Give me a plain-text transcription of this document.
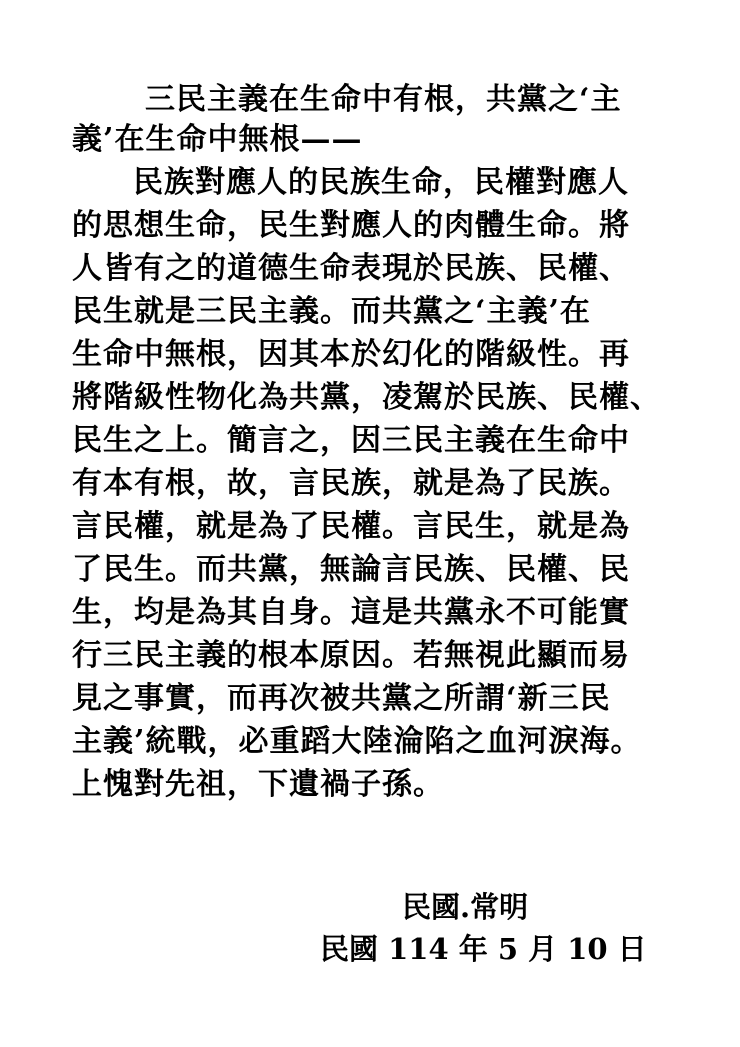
三民主義在生命中有根，共黨之‘主
義’在生命中無根——
民族對應人的民族生命，民權對應人
的思想生命，民生對應人的肉體生命。將
人皆有之的道德生命表現於民族、民權、
民生就是三民主義。而共黨之‘主義’在
生命中無根，因其本於幻化的階級性。再
將階級性物化為共黨，凌駕於民族、民權、
民生之上。簡言之，因三民主義在生命中
有本有根，故，言民族，就是為了民族。
言民權，就是為了民權。言民生，就是為
了民生。而共黨，無論言民族、民權、民
生，均是為其自身。這是共黨永不可能實
行三民主義的根本原因。若無視此顯而易
見之事實，而再次被共黨之所謂‘新三民
主義’統戰，必重蹈大陸淪陷之血河淚海。
上愧對先祖，下遺禍子孫。
民國.常明
民國 114 年 5 月 10 日
